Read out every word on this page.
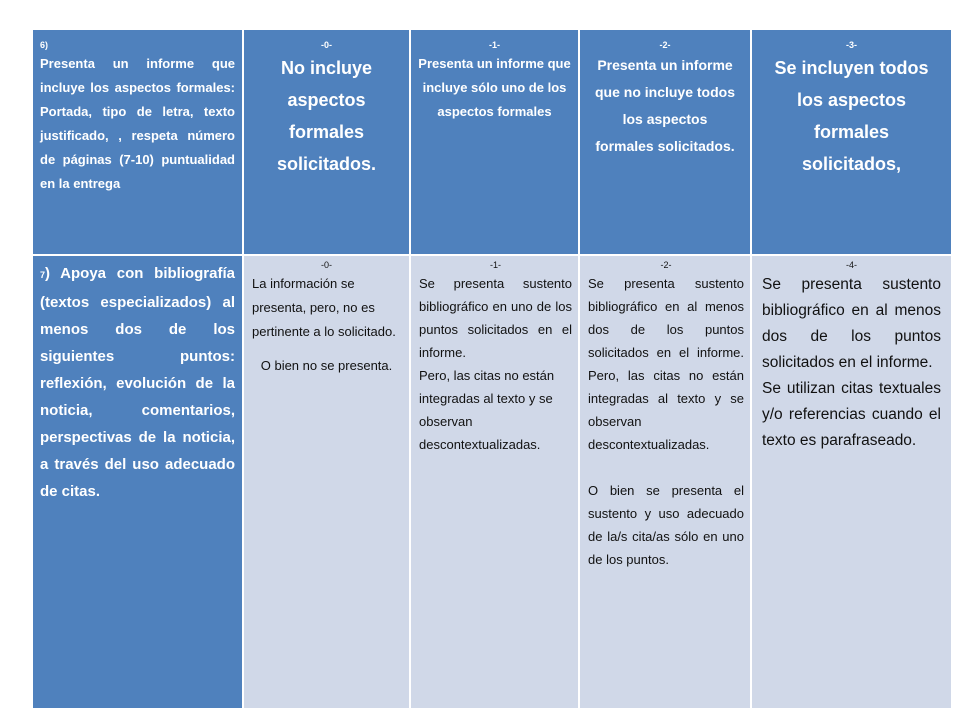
6)

Presenta un informe que incluye los aspectos formales: Portada, tipo de letra, texto justificado, , respeta número de páginas (7-10) puntualidad en la entrega

-0-

No incluye aspectos formales solicitados.

-1-

Presenta un informe que incluye sólo uno de los aspectos formales

-2-

Presenta un informe que no incluye todos los aspectos formales solicitados.

-3-

Se incluyen todos los aspectos formales solicitados,

7) Apoya con bibliografía (textos especializados) al menos dos de los siguientes puntos: reflexión, evolución de la noticia, comentarios, perspectivas de la noticia, a través del uso adecuado de citas.

-0-

La información se presenta, pero, no es pertinente a lo solicitado.

O bien no se presenta.

-1-

Se presenta sustento bibliográfico en uno de los puntos solicitados en el informe.

Pero, las citas no están integradas al texto y se observan descontextualizadas.

-2-

Se presenta sustento bibliográfico en al menos dos de los puntos solicitados en el informe. Pero, las citas no están integradas al texto y se observan descontextualizadas.

O bien se presenta el sustento y uso adecuado de la/s cita/as sólo en uno de los puntos.

-4-

Se presenta sustento bibliográfico en al menos dos de los puntos solicitados en el informe.

Se utilizan citas textuales y/o referencias cuando el texto es parafraseado.
